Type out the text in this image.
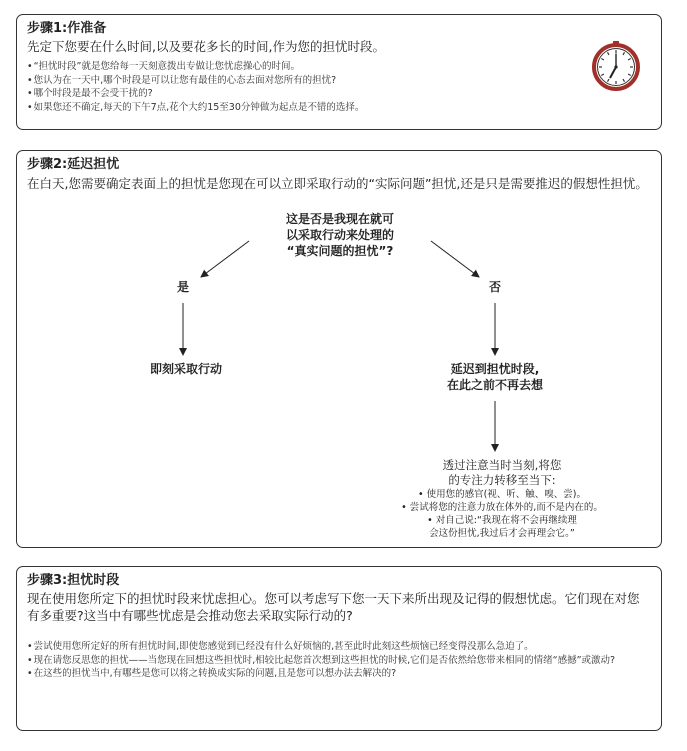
步骤1:作准备

先定下您要在什么时间,以及要花多长的时间,作为您的担忧时段。

• “担忧时段”就是您给每一天刻意拨出专做让您忧虑操心的时间。
• 您认为在一天中,哪个时段是可以让您有最佳的心态去面对您所有的担忧?
• 哪个时段是最不会受干扰的?
• 如果您还不确定,每天的下午7点,花个大约15至30分钟做为起点是不错的选择。

步骤2:延迟担忧

在白天,您需要确定表面上的担忧是您现在可以立即采取行动的“实际问题”担忧,还是只是需要推迟的假想性担忧。

这是否是我现在就可
以采取行动来处理的
“真实问题的担忧”?
是	否
即刻采取行动	延迟到担忧时段,
在此之前不再去想
透过注意当时当刻,将您
的专注力转移至当下:
• 使用您的感官(视、听、触、嗅、尝)。
• 尝试将您的注意力放在体外的,而不是内在的。
• 对自己说:“我现在将不会再继续理
会这份担忧,我过后才会再理会它。”

步骤3:担忧时段

现在使用您所定下的担忧时段来忧虑担心。您可以考虑写下您一天下来所出现及记得的假想忧虑。它们现在对您有多重要?这当中有哪些忧虑是会推动您去采取实际行动的?

• 尝试使用您所定好的所有担忧时间,即使您感觉到已经没有什么好烦恼的,甚至此时此刻这些烦恼已经变得没那么急迫了。
• 现在请您反思您的担忧——当您现在回想这些担忧时,相较比起您首次想到这些担忧的时候,它们是否依然给您带来相同的情绪“感撼”或激动?
• 在这些的担忧当中,有哪些是您可以将之转换成实际的问题,且是您可以想办法去解决的?
